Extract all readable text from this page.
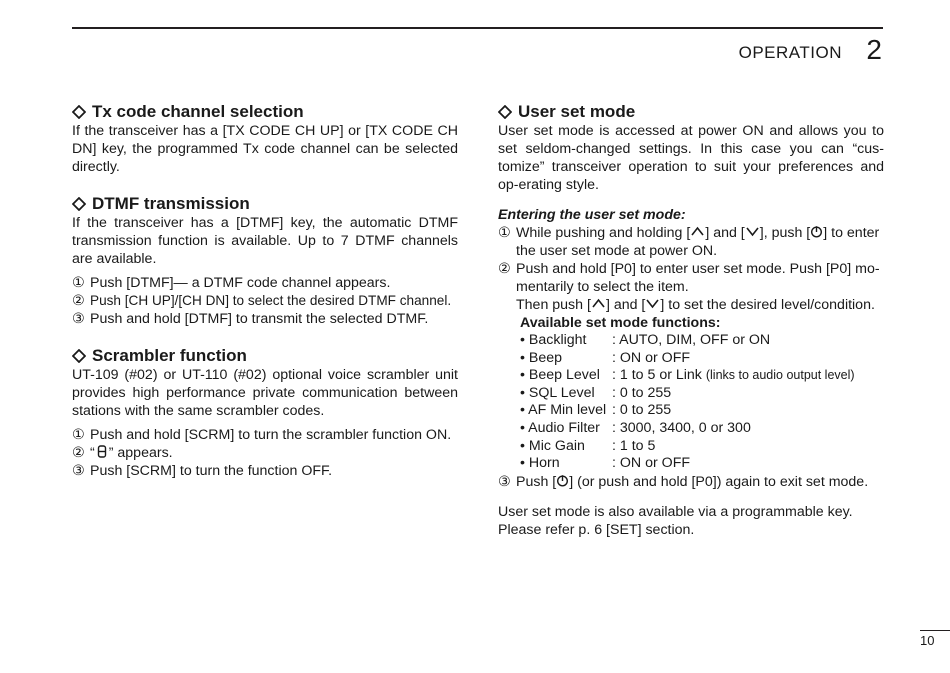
OPERATION 2
Tx code channel selection

If the transceiver has a [TX CODE CH UP] or [TX CODE CH DN] key, the programmed Tx code channel can be selected directly.

DTMF transmission

If the transceiver has a [DTMF] key, the automatic DTMF transmission function is available. Up to 7 DTMF channels are available.

① Push [DTMF]— a DTMF code channel appears.
② Push [CH UP]/[CH DN] to select the desired DTMF channel.
③ Push and hold [DTMF] to transmit the selected DTMF.
Scrambler function

UT-109 (#02) or UT-110 (#02) optional voice scrambler unit provides high performance private communication between stations with the same scrambler codes.

① Push and hold [SCRM] to turn the scrambler function ON.
② “ ” appears.
③ Push [SCRM] to turn the function OFF.
User set mode

User set mode is accessed at power ON and allows you to set seldom-changed settings. In this case you can “cus-tomize” transceiver operation to suit your preferences and op-erating style.

Entering the user set mode:
① While pushing and holding [ ] and [ ], push [ ] to enter
the user set mode at power ON.
② Push and hold [P0] to enter user set mode. Push [P0] mo-
mentarily to select the item.
Then push [ ] and [ ] to set the desired level/condition.
Available set mode functions:
• Backlight	: AUTO, DIM, OFF or ON
• Beep	: ON or OFF
• Beep Level : 1 to 5 or Link (links to audio output level)
• SQL Level	: 0 to 255
• AF Min level : 0 to 255
• Audio Filter : 3000, 3400, 0 or 300
• Mic Gain	: 1 to 5
• Horn	: ON or OFF
③ Push [ ] (or push and hold [P0]) again to exit set mode.
User set mode is also available via a programmable key.
Please refer p. 6 [SET] section.
10
